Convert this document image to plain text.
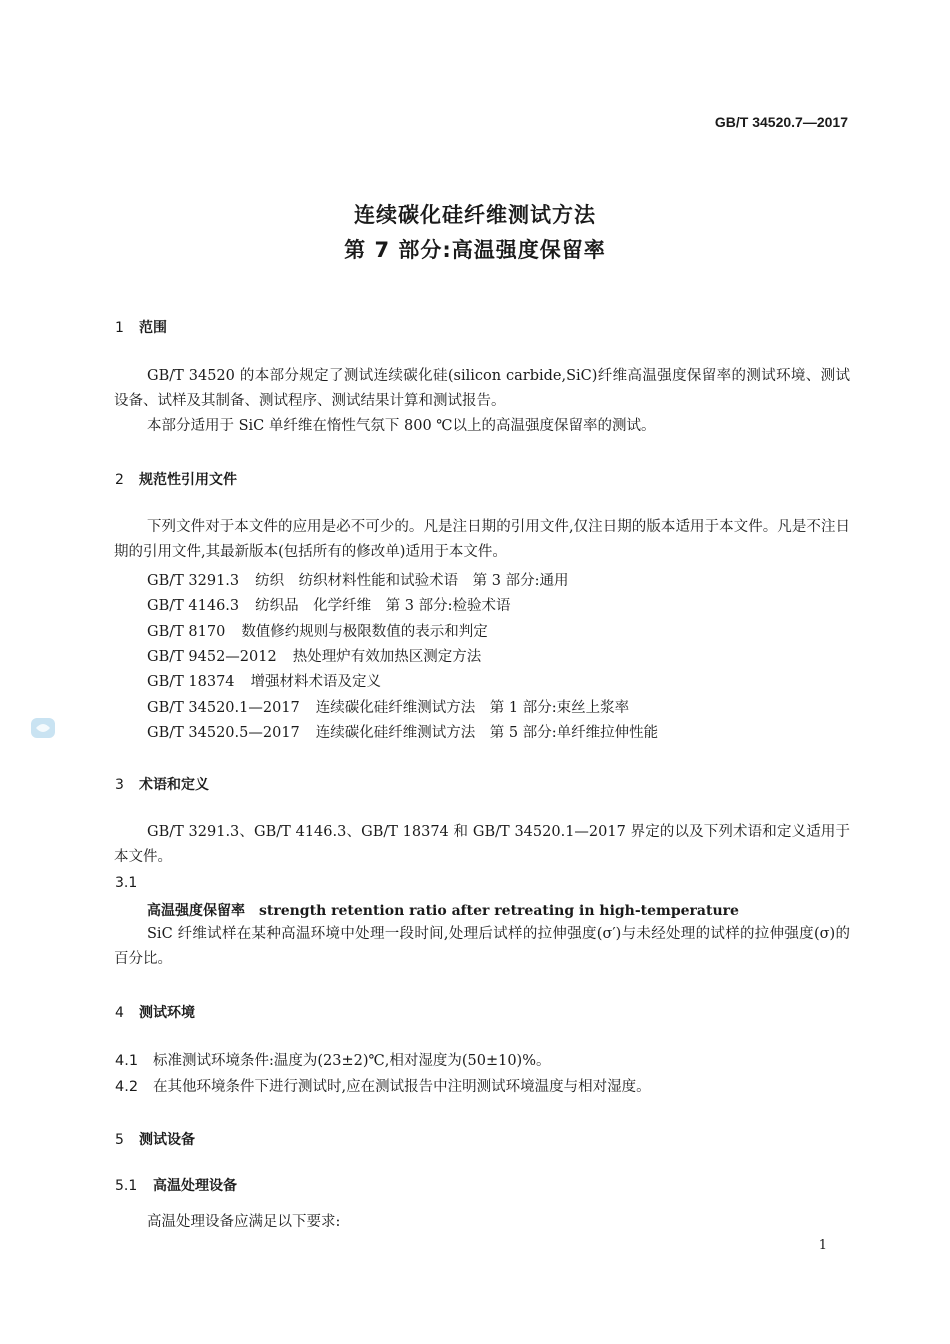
GB/T 34520.7—2017
连续碳化硅纤维测试方法
第 7 部分:高温强度保留率
1 范围
GB/T 34520 的本部分规定了测试连续碳化硅(silicon carbide,SiC)纤维高温强度保留率的测试环境、测试设备、试样及其制备、测试程序、测试结果计算和测试报告。
本部分适用于 SiC 单纤维在惰性气氛下 800 ℃以上的高温强度保留率的测试。
2 规范性引用文件
下列文件对于本文件的应用是必不可少的。凡是注日期的引用文件,仅注日期的版本适用于本文件。凡是不注日期的引用文件,其最新版本(包括所有的修改单)适用于本文件。
GB/T 3291.3 纺织　纺织材料性能和试验术语　第 3 部分:通用
GB/T 4146.3 纺织品　化学纤维　第 3 部分:检验术语
GB/T 8170 数值修约规则与极限数值的表示和判定
GB/T 9452—2012 热处理炉有效加热区测定方法
GB/T 18374 增强材料术语及定义
GB/T 34520.1—2017 连续碳化硅纤维测试方法　第 1 部分:束丝上浆率
GB/T 34520.5—2017 连续碳化硅纤维测试方法　第 5 部分:单纤维拉伸性能
3 术语和定义
GB/T 3291.3、GB/T 4146.3、GB/T 18374 和 GB/T 34520.1—2017 界定的以及下列术语和定义适用于本文件。
3.1
高温强度保留率 strength retention ratio after retreating in high-temperature
SiC 纤维试样在某种高温环境中处理一段时间,处理后试样的拉伸强度(σ′)与未经处理的试样的拉伸强度(σ)的百分比。
4 测试环境
4.1 标准测试环境条件:温度为(23±2)℃,相对湿度为(50±10)%。
4.2 在其他环境条件下进行测试时,应在测试报告中注明测试环境温度与相对湿度。
5 测试设备
5.1 高温处理设备
高温处理设备应满足以下要求:
1
